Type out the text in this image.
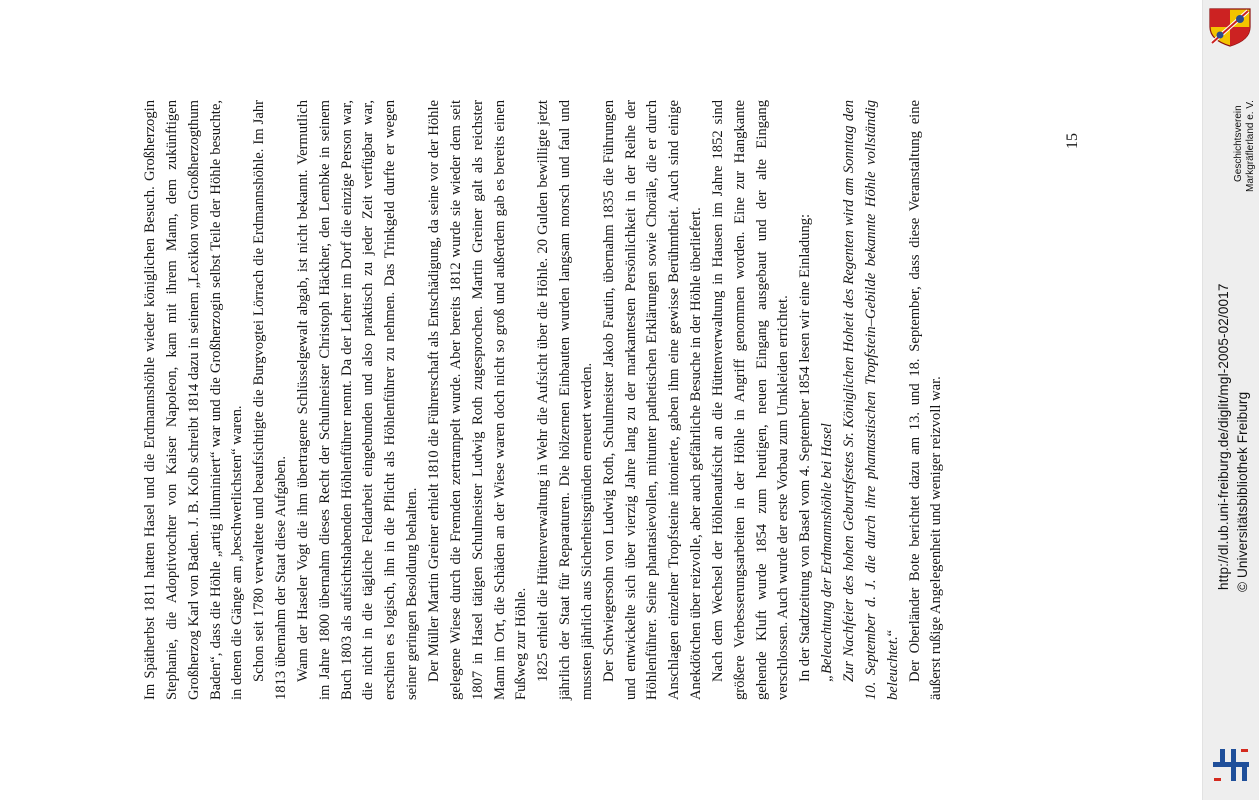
Im Spätherbst 1811 hatten Hasel und die Erdmannshöhle wieder königlichen Besuch. Großherzogin Stephanie, die Adoptivtochter von Kaiser Napoleon, kam mit ihrem Mann, dem zukünftigen Großherzog Karl von Baden. J. B. Kolb schreibt 1814 dazu in seinem „Lexikon vom Großherzogthum Baden“, dass die Höhle „artig illuminiert“ war und die Großherzogin selbst Teile der Höhle besuchte, in denen die Gänge am „beschwerlichsten“ waren. Schon seit 1780 verwaltete und beaufsichtigte die Burgvogtei Lörrach die Erdmannshöhle. Im Jahr 1813 übernahm der Staat diese Aufgaben. Wann der Haseler Vogt die ihm übertragene Schlüsselgewalt abgab, ist nicht bekannt. Vermutlich im Jahre 1800 übernahm dieses Recht der Schulmeister Christoph Häckher, den Lembke in seinem Buch 1803 als aufsichtshabenden Höhlenführer nennt. Da der Lehrer im Dorf die einzige Person war, die nicht in die tägliche Feldarbeit eingebunden und also praktisch zu jeder Zeit verfügbar war, erschien es logisch, ihn in die Pflicht als Höhlenführer zu nehmen. Das Trinkgeld durfte er wegen seiner geringen Besoldung behalten. Der Müller Martin Greiner erhielt 1810 die Führerschaft als Entschädigung, da seine vor der Höhle gelegene Wiese durch die Fremden zertrampelt wurde. Aber bereits 1812 wurde sie wieder dem seit 1807 in Hasel tätigen Schulmeister Ludwig Roth zugesprochen. Martin Greiner galt als reichster Mann im Ort, die Schäden an der Wiese waren doch nicht so groß und außerdem gab es bereits einen Fußweg zur Höhle. 1825 erhielt die Hüttenverwaltung in Wehr die Aufsicht über die Höhle. 20 Gulden bewilligte jetzt jährlich der Staat für Reparaturen. Die hölzernen Einbauten wurden langsam morsch und faul und mussten jährlich aus Sicherheitsgründen erneuert werden. Der Schwiegersohn von Ludwig Roth, Schulmeister Jakob Fautin, übernahm 1835 die Führungen und entwickelte sich über vierzig Jahre lang zu der markantesten Persönlichkeit in der Reihe der Höhlenführer. Seine phantasievollen, mitunter pathetischen Erklärungen sowie Choräle, die er durch Anschlagen einzelner Tropfsteine intonierte, gaben ihm eine gewisse Berühmtheit. Auch sind einige Anekdötchen über reizvolle, aber auch gefährliche Besuche in der Höhle überliefert. Nach dem Wechsel der Höhlenaufsicht an die Hüttenverwaltung in Hausen im Jahre 1852 sind größere Verbesserungsarbeiten in der Höhle in Angriff genommen worden. Eine zur Hangkante gehende Kluft wurde 1854 zum heutigen, neuen Eingang ausgebaut und der alte Eingang verschlossen. Auch wurde der erste Vorbau zum Umkleiden errichtet. In der Stadtzeitung von Basel vom 4. September 1854 lesen wir eine Einladung: „Beleuchtung der Erdmannshöhle bei Hasel Zur Nachfeier des hohen Geburtsfestes Sr. Königlichen Hoheit des Regenten wird am Sonntag den 10. September d. J. die durch ihre phantastischen Tropfstein–Gebilde bekannte Höhle vollständig beleuchtet.“ Der Oberländer Bote berichtet dazu am 13. und 18. September, dass diese Veranstaltung eine äußerst rußige Angelegenheit und weniger reizvoll war.

15	Geschichtsverein Markgräflerland e. V.
http://dl.ub.uni-freiburg.de/diglit/mgl-2005-02/0017 © Universitätsbibliothek Freiburg
